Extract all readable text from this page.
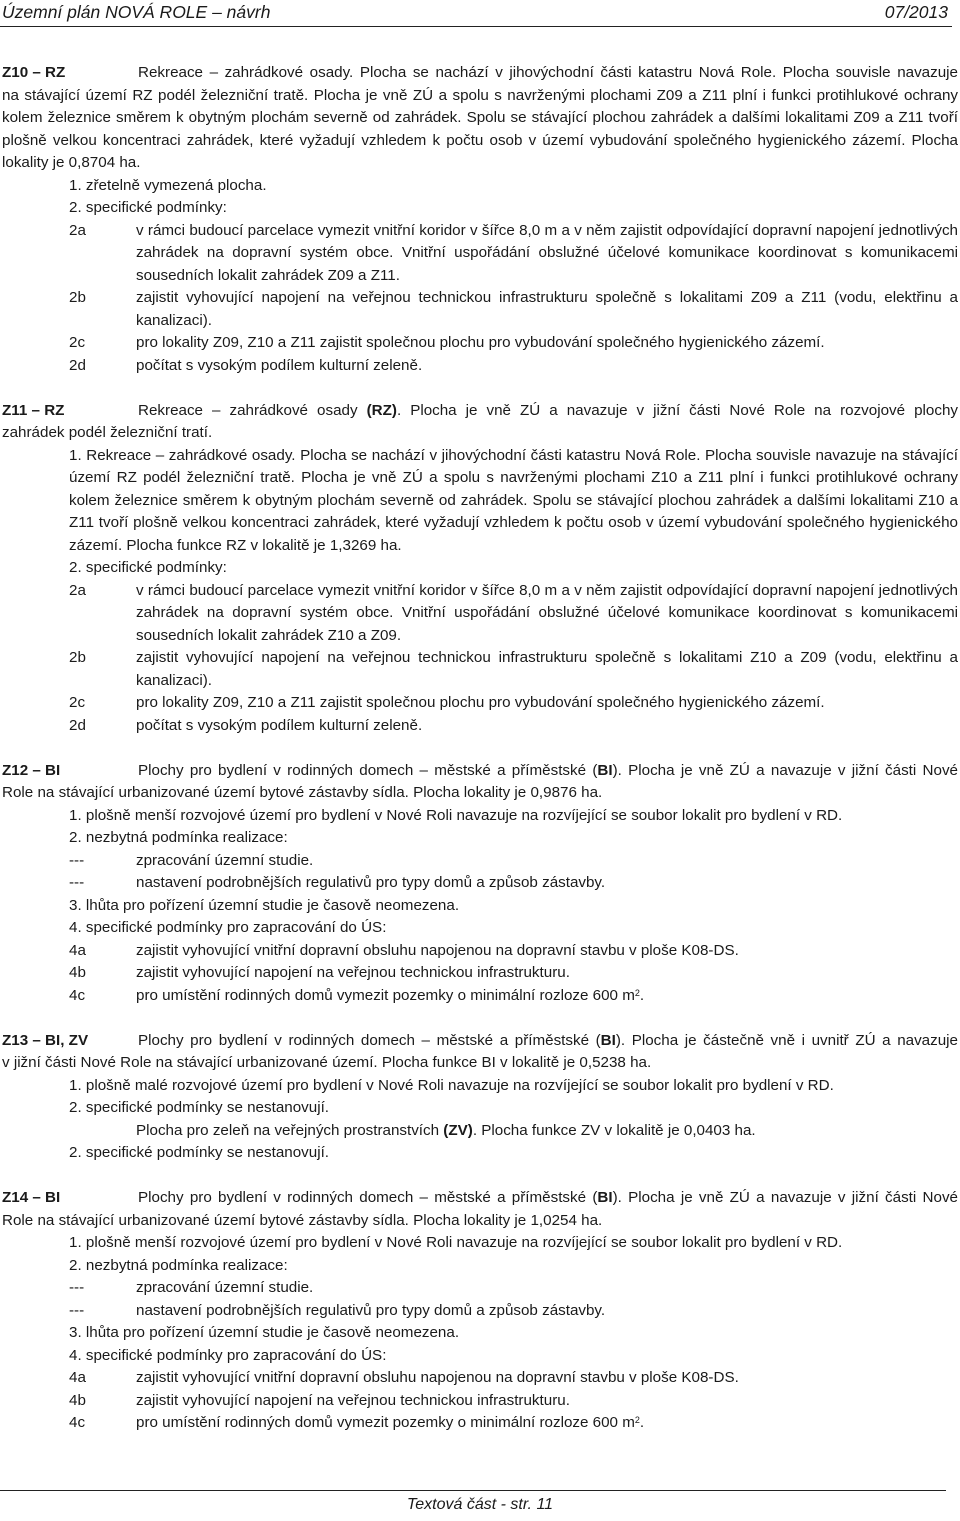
Územní plán NOVÁ ROLE – návrh	07/2013
Z10 – RZ	Rekreace – zahrádkové osady. Plocha se nachází v jihovýchodní části katastru Nová Role. Plocha souvisle navazuje
na stávající území RZ podél železniční tratě. Plocha je vně ZÚ a spolu s navrženými plochami Z09 a Z11 plní i funkci protihlukové ochrany kolem železnice směrem k obytným plochám severně od zahrádek. Spolu se stávající plochou zahrádek a dalšími lokalitami Z09 a Z11 tvoří plošně velkou koncentraci zahrádek, které vyžadují vzhledem k počtu osob v území vybudování společného hygienického zázemí. Plocha lokality je 0,8704 ha.
1. zřetelně vymezená plocha.
2. specifické podmínky:
2a	v rámci budoucí parcelace vymezit vnitřní koridor v šířce 8,0 m a v něm zajistit odpovídající dopravní napojení jednotlivých zahrádek na dopravní systém obce. Vnitřní uspořádání obslužné účelové komunikace koordinovat s komunikacemi sousedních lokalit zahrádek Z09 a Z11.
2b	zajistit vyhovující napojení na veřejnou technickou infrastrukturu společně s lokalitami Z09 a Z11 (vodu, elektřinu a kanalizaci).
2c	pro lokality Z09, Z10 a Z11 zajistit společnou plochu pro vybudování společného hygienického zázemí.
2d	počítat s vysokým podílem kulturní zeleně.
Z11 – RZ	Rekreace – zahrádkové osady (RZ). Plocha je vně ZÚ a navazuje v jižní části Nové Role na rozvojové plochy
zahrádek podél železniční tratí.
1. Rekreace – zahrádkové osady. Plocha se nachází v jihovýchodní části katastru Nová Role. Plocha souvisle navazuje na stávající území RZ podél železniční tratě. Plocha je vně ZÚ a spolu s navrženými plochami Z10 a Z11 plní i funkci protihlukové ochrany kolem železnice směrem k obytným plochám severně od zahrádek. Spolu se stávající plochou zahrádek a dalšími lokalitami Z10 a Z11 tvoří plošně velkou koncentraci zahrádek, které vyžadují vzhledem k počtu osob v území vybudování společného hygienického zázemí. Plocha funkce RZ v lokalitě je 1,3269 ha.
2. specifické podmínky:
2a	v rámci budoucí parcelace vymezit vnitřní koridor v šířce 8,0 m a v něm zajistit odpovídající dopravní napojení jednotlivých zahrádek na dopravní systém obce. Vnitřní uspořádání obslužné účelové komunikace koordinovat s komunikacemi sousedních lokalit zahrádek Z10 a Z09.
2b	zajistit vyhovující napojení na veřejnou technickou infrastrukturu společně s lokalitami Z10 a Z09 (vodu, elektřinu a kanalizaci).
2c	pro lokality Z09, Z10 a Z11 zajistit společnou plochu pro vybudování společného hygienického zázemí.
2d	počítat s vysokým podílem kulturní zeleně.
Z12 – BI	Plochy pro bydlení v rodinných domech – městské a příměstské (BI). Plocha je vně ZÚ a navazuje v jižní části Nové
Role na stávající urbanizované území bytové zástavby sídla. Plocha lokality je 0,9876 ha.
1. plošně menší rozvojové území pro bydlení v Nové Roli navazuje na rozvíjející se soubor lokalit pro bydlení v RD.
2. nezbytná podmínka realizace:
---	zpracování územní studie.
---	nastavení podrobnějších regulativů pro typy domů a způsob zástavby.
3. lhůta pro pořízení územní studie je časově neomezena.
4. specifické podmínky pro zapracování do ÚS:
4a	zajistit vyhovující vnitřní dopravní obsluhu napojenou na dopravní stavbu v ploše K08-DS.
4b	zajistit vyhovující napojení na veřejnou technickou infrastrukturu.
4c	pro umístění rodinných domů vymezit pozemky o minimální rozloze 600 $m^2$.
Z13 – BI, ZV	Plochy pro bydlení v rodinných domech – městské a příměstské (BI). Plocha je částečně vně i uvnitř ZÚ a navazuje
v jižní části Nové Role na stávající urbanizované území. Plocha funkce BI v lokalitě je 0,5238 ha.
1. plošně malé rozvojové území pro bydlení v Nové Roli navazuje na rozvíjející se soubor lokalit pro bydlení v RD.
2. specifické podmínky se nestanovují.
Plocha pro zeleň na veřejných prostranstvích (ZV). Plocha funkce ZV v lokalitě je 0,0403 ha.
2. specifické podmínky se nestanovují.
Z14 – BI	Plochy pro bydlení v rodinných domech – městské a příměstské (BI). Plocha je vně ZÚ a navazuje v jižní části Nové
Role na stávající urbanizované území bytové zástavby sídla. Plocha lokality je 1,0254 ha.
1. plošně menší rozvojové území pro bydlení v Nové Roli navazuje na rozvíjející se soubor lokalit pro bydlení v RD.
2. nezbytná podmínka realizace:
---	zpracování územní studie.
---	nastavení podrobnějších regulativů pro typy domů a způsob zástavby.
3. lhůta pro pořízení územní studie je časově neomezena.
4. specifické podmínky pro zapracování do ÚS:
4a	zajistit vyhovující vnitřní dopravní obsluhu napojenou na dopravní stavbu v ploše K08-DS.
4b	zajistit vyhovující napojení na veřejnou technickou infrastrukturu.
4c	pro umístění rodinných domů vymezit pozemky o minimální rozloze 600 $m^2$.
Textová část - str. 11
